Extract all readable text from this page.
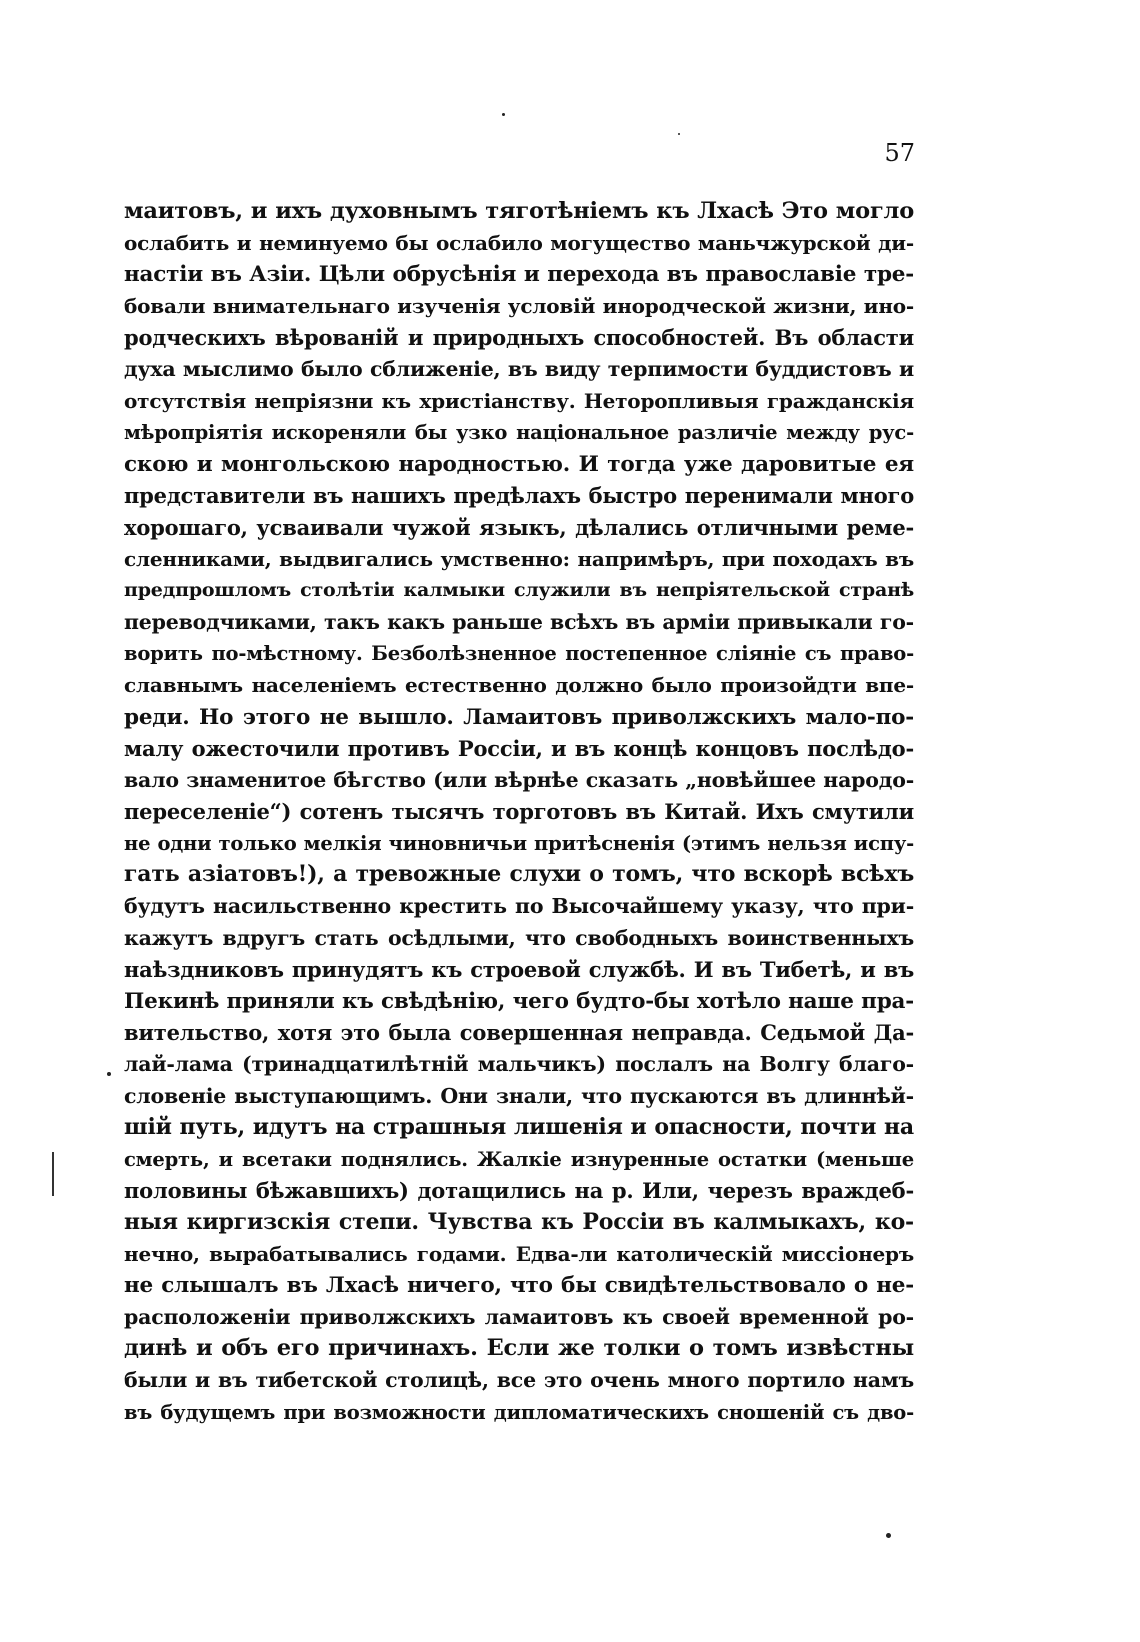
57
маитовъ, и ихъ духовнымъ тяготѣніемъ къ Лхасѣ Это могло
ослабить и неминуемо бы ослабило могущество маньчжурской ди-
настіи въ Азіи. Цѣли обрусѣнія и перехода въ православіе тре-
бовали внимательнаго изученія условій инородческой жизни, ино-
родческихъ вѣрованій и природныхъ способностей. Въ области
духа мыслимо было сближеніе, въ виду терпимости буддистовъ и
отсутствія непріязни къ христіанству. Неторопливыя гражданскія
мѣропріятія искореняли бы узко національное различіе между рус-
скою и монгольскою народностью. И тогда уже даровитые ея
представители въ нашихъ предѣлахъ быстро перенимали много
хорошаго, усваивали чужой языкъ, дѣлались отличными реме-
сленниками, выдвигались умственно: напримѣръ, при походахъ въ
предпрошломъ столѣтіи калмыки служили въ непріятельской странѣ
переводчиками, такъ какъ раньше всѣхъ въ арміи привыкали го-
ворить по-мѣстному. Безболѣзненное постепенное сліяніе съ право-
славнымъ населеніемъ естественно должно было произойдти впе-
реди. Но этого не вышло. Ламаитовъ приволжскихъ мало-по-
малу ожесточили противъ Россіи, и въ концѣ концовъ послѣдо-
вало знаменитое бѣгство (или вѣрнѣе сказать „новѣйшее народо-
переселеніе“) сотенъ тысячъ торготовъ въ Китай. Ихъ смутили
не одни только мелкія чиновничьи притѣсненія (этимъ нельзя испу-
гать азіатовъ!), а тревожные слухи о томъ, что вскорѣ всѣхъ
будутъ насильственно крестить по Высочайшему указу, что при-
кажутъ вдругъ стать осѣдлыми, что свободныхъ воинственныхъ
наѣздниковъ принудятъ къ строевой службѣ. И въ Тибетѣ, и въ
Пекинѣ приняли къ свѣдѣнію, чего будто-бы хотѣло наше пра-
вительство, хотя это была совершенная неправда. Седьмой Да-
лай-лама (тринадцатилѣтній мальчикъ) послалъ на Волгу благо-
словеніе выступающимъ. Они знали, что пускаются въ длиннѣй-
шій путь, идутъ на страшныя лишенія и опасности, почти на
смерть, и всетаки поднялись. Жалкіе изнуренные остатки (меньше
половины бѣжавшихъ) дотащились на р. Или, черезъ враждеб-
ныя киргизскія степи. Чувства къ Россіи въ калмыкахъ, ко-
нечно, вырабатывались годами. Едва-ли католическій миссіонеръ
не слышалъ въ Лхасѣ ничего, что бы свидѣтельствовало о не-
расположеніи приволжскихъ ламаитовъ къ своей временной ро-
динѣ и объ его причинахъ. Если же толки о томъ извѣстны
были и въ тибетской столицѣ, все это очень много портило намъ
въ будущемъ при возможности дипломатическихъ сношеній съ дво-
